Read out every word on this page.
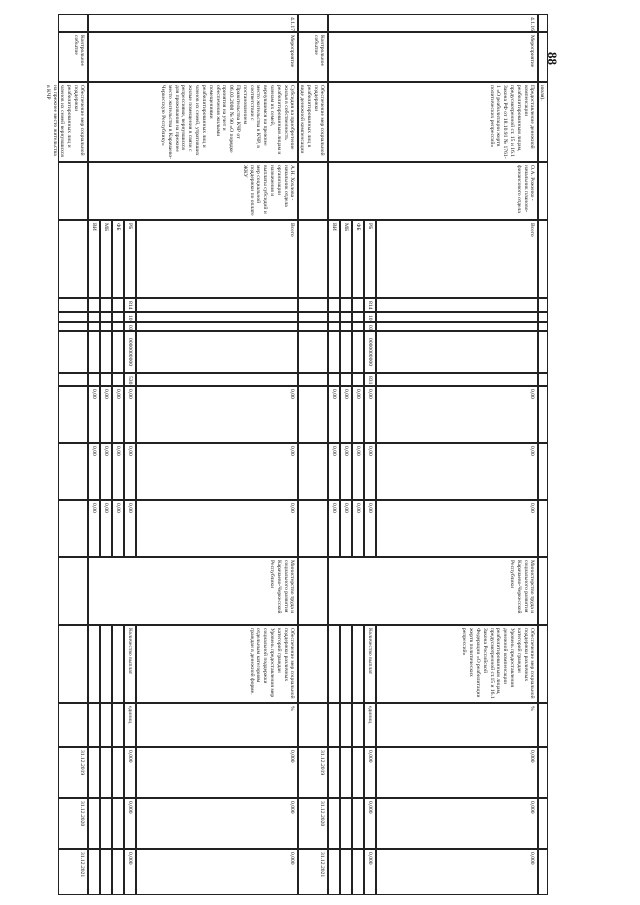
88
июля).
4.1.16
Мероприятие
Предоставление денежной компенсации реабилитированным лицам, предусмотренной ст. 15 и 16.1 Закона РФ от 18.10.91 № 1761-1 «О реабилитации жертв политических репрессий»
О.А. Роженко - начальник планово-финансового отдела
Министерство труда и социального развития Карачаево-Черкесской Республики
Всего
0,00
0,00
0,00
Обеспечение мер социальной поддержки различных категорий граждан
Уровень предоставления денежной компенсации реабилитированным лицам, предусмотренной ст.15 и 16.1 Закона Российской Федерации «О реабилитации жертв политических репрессий»
%
0,000
0,000
0,000
РБ
814
10
03
0000000000
831
0,00
0,00
0,00
Количество выплат
единиц
0,000
0,000
0,000
ФБ
0,00
0,00
0,00
МБ
0,00
0,00
0,00
ВИ
0,00
0,00
0,00
Контрольное событие
Обеспечение мер социальной поддержки реабилитированных лиц в виде денежной компенсации
31.12.2019
31.12.2020
31.12.2021
4.1.17
Мероприятие
Субсидия на приобретение жилья в собственность реабилитированным лицам и членам их семей, вернувшимся на прежнее место жительства в КЧР, в соответствии с постановлением Правительства КЧР от 06.03.2008 № 90 «О порядке принятия на учет и обеспечения жилыми помещениями реабилитированных лиц и членов их семей, утративших жилые помещения в связи с репрессиями, вернувшихся для проживания на прежнее место жительства в Карачаево-Черкесскую Республику»
А.Н. Хохлова - начальник отдела организации назначения и выплаты субсидий и мер социальной поддержки по оплате ЖКУ
Министерство труда и социального развития Карачаево-Черкесской Республики
Всего
0,00
0,00
0,00
Обеспечение мер социальной поддержки различных категорий граждан
Уровень предоставления мер социальной поддержки отдельным категориям граждан в денежной форме.
%
0,000
0,000
0,000
РБ
814
10
03
0000000000
530
0,00
0,00
0,00
Количество выплат
единиц
0,000
0,000
0,000
ФБ
0,00
0,00
0,00
МБ
0,00
0,00
0,00
ВИ
0,00
0,00
0,00
Контрольное событие
Обеспечение мер социальной поддержки реабилитированных лиц и членов их семей вернувшихся на прежнее место жительства в КЧР
31.12.2019
31.12.2020
31.12.2021
